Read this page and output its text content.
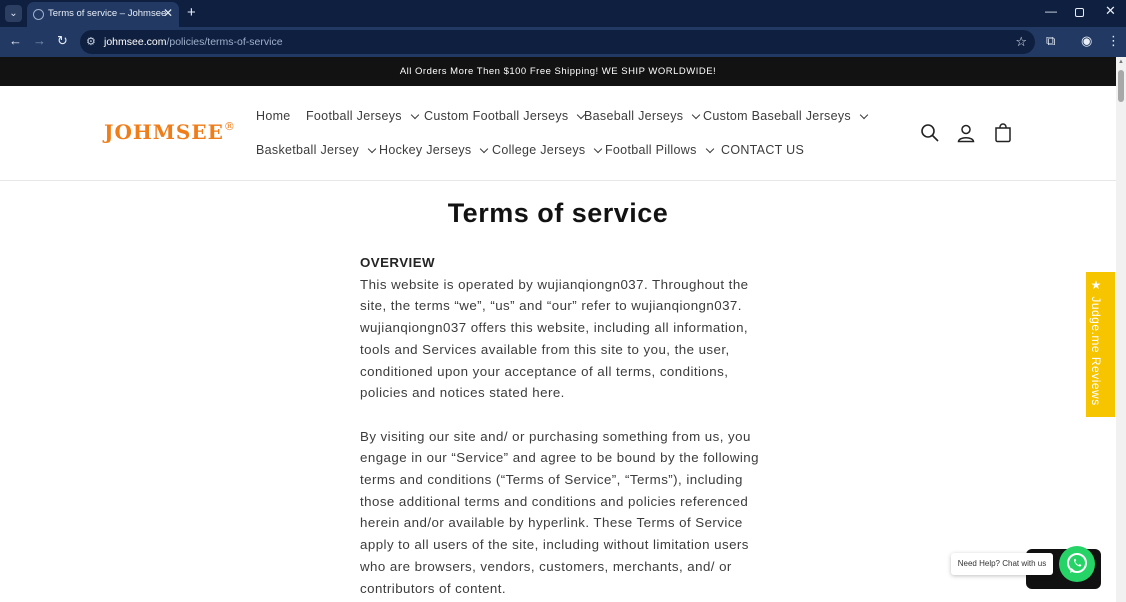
⌄	Terms of service – Johmsee
✕ +	—	✕
← → ↻ ⚙ johmsee.com/policies/terms-of-service	☆ ⧉ ◉ ⋮
All Orders More Then $100 Free Shipping! WE SHIP WORLDWIDE!
JOHMSEE®
Home Football Jerseys	Custom Football Jerseys	Baseball Jerseys	Custom Baseball Jerseys
Basketball Jersey	Hockey Jerseys	College Jerseys	Football Pillows	CONTACT US
Terms of service
OVERVIEW

This website is operated by wujianqiongn037. Throughout the site, the terms “we”, “us” and “our” refer to wujianqiongn037. wujianqiongn037 offers this website, including all information, tools and Services available from this site to you, the user, conditioned upon your acceptance of all terms, conditions, policies and notices stated here.

By visiting our site and/ or purchasing something from us, you engage in our “Service” and agree to be bound by the following terms and conditions (“Terms of Service”, “Terms”), including those additional terms and conditions and policies referenced herein and/or available by hyperlink. These Terms of Service apply to all users of the site, including without limitation users who are browsers, vendors, customers, merchants, and/ or contributors of content.

▲
★ Judge.me Reviews
Need Help? Chat with us
